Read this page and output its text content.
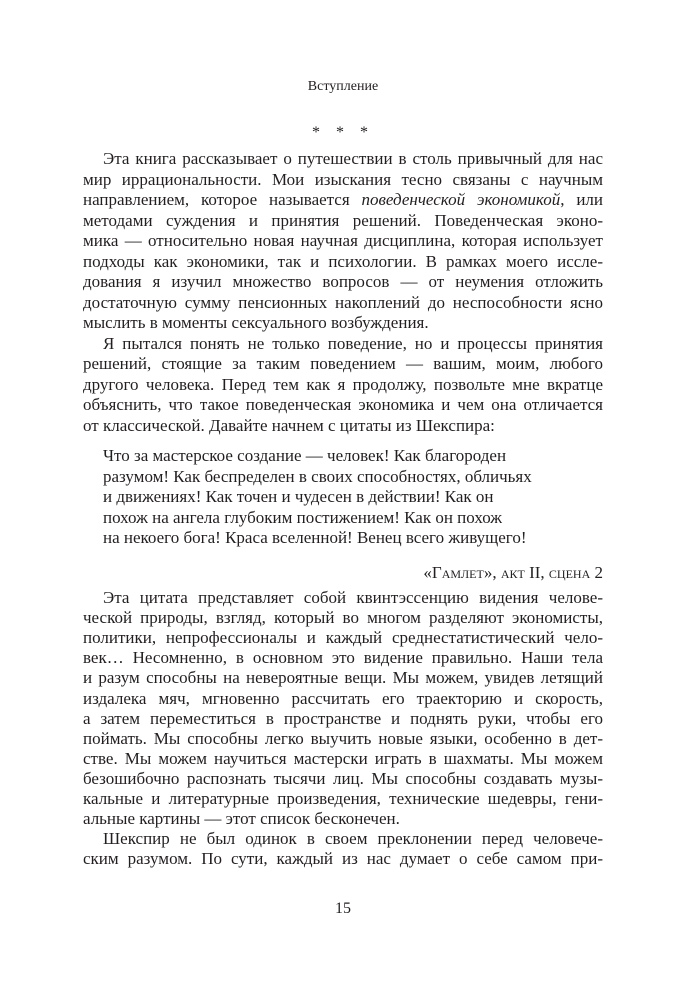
Вступление
* * *
Эта книга рассказывает о путешествии в столь привычный для нас
мир иррациональности. Мои изыскания тесно связаны с научным
направлением, которое называется поведенческой экономикой, или
методами суждения и принятия решений. Поведенческая эконо-
мика — относительно новая научная дисциплина, которая использует
подходы как экономики, так и психологии. В рамках моего иссле-
дования я изучил множество вопросов — от неумения отложить
достаточную сумму пенсионных накоплений до неспособности ясно
мыслить в моменты сексуального возбуждения.
Я пытался понять не только поведение, но и процессы принятия
решений, стоящие за таким поведением — вашим, моим, любого
другого человека. Перед тем как я продолжу, позвольте мне вкратце
объяснить, что такое поведенческая экономика и чем она отличается
от классической. Давайте начнем с цитаты из Шекспира:
Что за мастерское создание — человек! Как благороден
разумом! Как беспределен в своих способностях, обличьях
и движениях! Как точен и чудесен в действии! Как он
похож на ангела глубоким постижением! Как он похож
на некоего бога! Краса вселенной! Венец всего живущего!
«Гамлет», акт II, сцена 2
Эта цитата представляет собой квинтэссенцию видения челове-
ческой природы, взгляд, который во многом разделяют экономисты,
политики, непрофессионалы и каждый среднестатистический чело-
век… Несомненно, в основном это видение правильно. Наши тела
и разум способны на невероятные вещи. Мы можем, увидев летящий
издалека мяч, мгновенно рассчитать его траекторию и скорость,
а затем переместиться в пространстве и поднять руки, чтобы его
поймать. Мы способны легко выучить новые языки, особенно в дет-
стве. Мы можем научиться мастерски играть в шахматы. Мы можем
безошибочно распознать тысячи лиц. Мы способны создавать музы-
кальные и литературные произведения, технические шедевры, гени-
альные картины — этот список бесконечен.
Шекспир не был одинок в своем преклонении перед человече-
ским разумом. По сути, каждый из нас думает о себе самом при-
15
